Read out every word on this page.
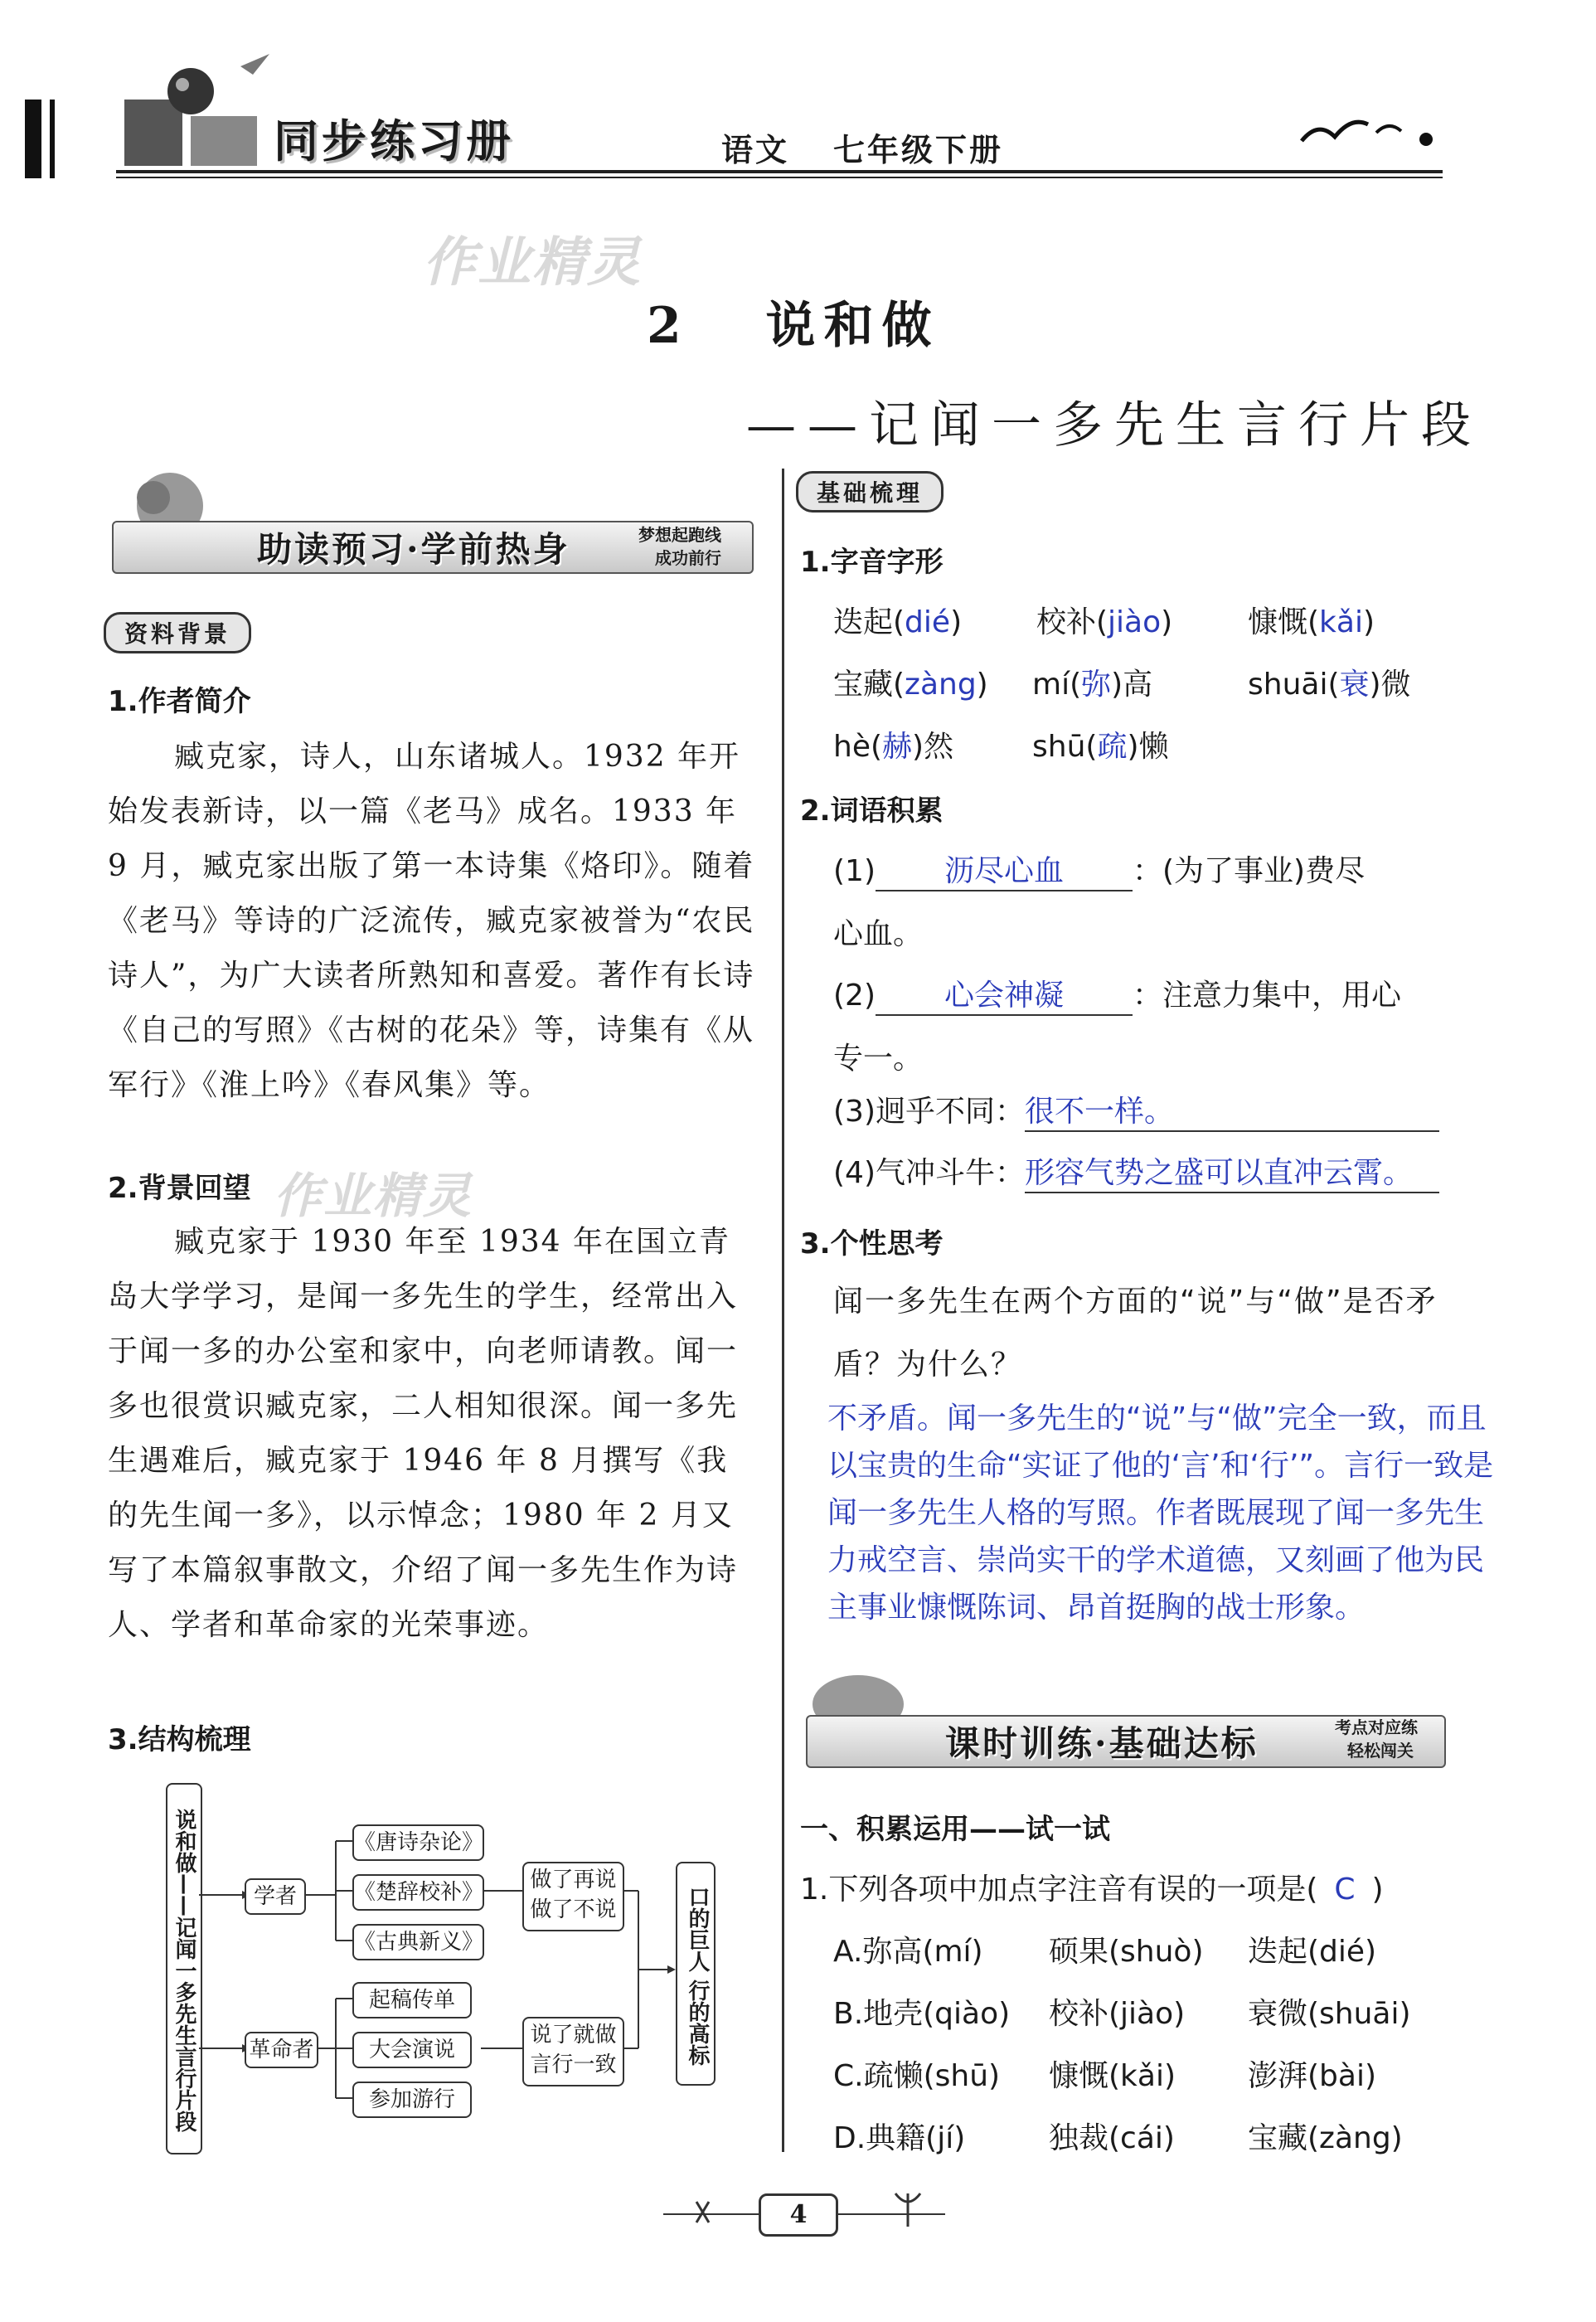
同步练习册	语文 七年级下册
作业精灵
2 说和做
——记闻一多先生言行片段
助读预习·学前热身	梦想起跑线
成功前行
资料背景
1.作者简介
臧克家，诗人，山东诸城人。1932 年开始发表新诗，以一篇《老马》成名。1933 年 9 月，臧克家出版了第一本诗集《烙印》。随着《老马》等诗的广泛流传，臧克家被誉为“农民诗人”，为广大读者所熟知和喜爱。著作有长诗《自己的写照》《古树的花朵》等，诗集有《从军行》《淮上吟》《春风集》等。
2.背景回望 作业精灵
臧克家于 1930 年至 1934 年在国立青岛大学学习，是闻一多先生的学生，经常出入于闻一多的办公室和家中，向老师请教。闻一多也很赏识臧克家，二人相知很深。闻一多先生遇难后，臧克家于 1946 年 8 月撰写《我的先生闻一多》，以示悼念；1980 年 2 月又写了本篇叙事散文，介绍了闻一多先生作为诗人、学者和革命家的光荣事迹。
3.结构梳理
说和做——记闻一多先生言行片段	学者
革命者
《唐诗杂论》
《楚辞校补》
《古典新义》
起稿传单
大会演说
参加游行
做了再说做了不说
说了就做言行一致	口的巨人 行的高标
基础梳理
1.字音字形
迭起(dié) 校补(jiào)	慷慨(kǎi)
宝藏(zàng) mí(弥)高	shuāi(衰)微
hè(赫)然	shū(疏)懒
2.词语积累
(1) 沥尽心血 ：(为了事业)费尽
心血。
(2) 心会神凝 ：注意力集中，用心
专一。
(3)迥乎不同：很不一样。
(4)气冲斗牛：形容气势之盛可以直冲云霄。
3.个性思考
闻一多先生在两个方面的“说”与“做”是否矛盾？为什么？
不矛盾。闻一多先生的“说”与“做”完全一致，而且以宝贵的生命“实证了他的‘言’和‘行’”。言行一致是闻一多先生人格的写照。作者既展现了闻一多先生力戒空言、崇尚实干的学术道德，又刻画了他为民主事业慷慨陈词、昂首挺胸的战士形象。
课时训练·基础达标	考点对应练
轻松闯关
一、积累运用——试一试
1.下列各项中加点字注音有误的一项是( C )
A.弥高(mí) 硕果(shuò) 迭起(dié)
B.地壳(qiào) 校补(jiào) 衰微(shuāi)
C.疏懒(shū) 慷慨(kǎi) 澎湃(bài)
D.典籍(jí)	独裁(cái) 宝藏(zàng)
4
